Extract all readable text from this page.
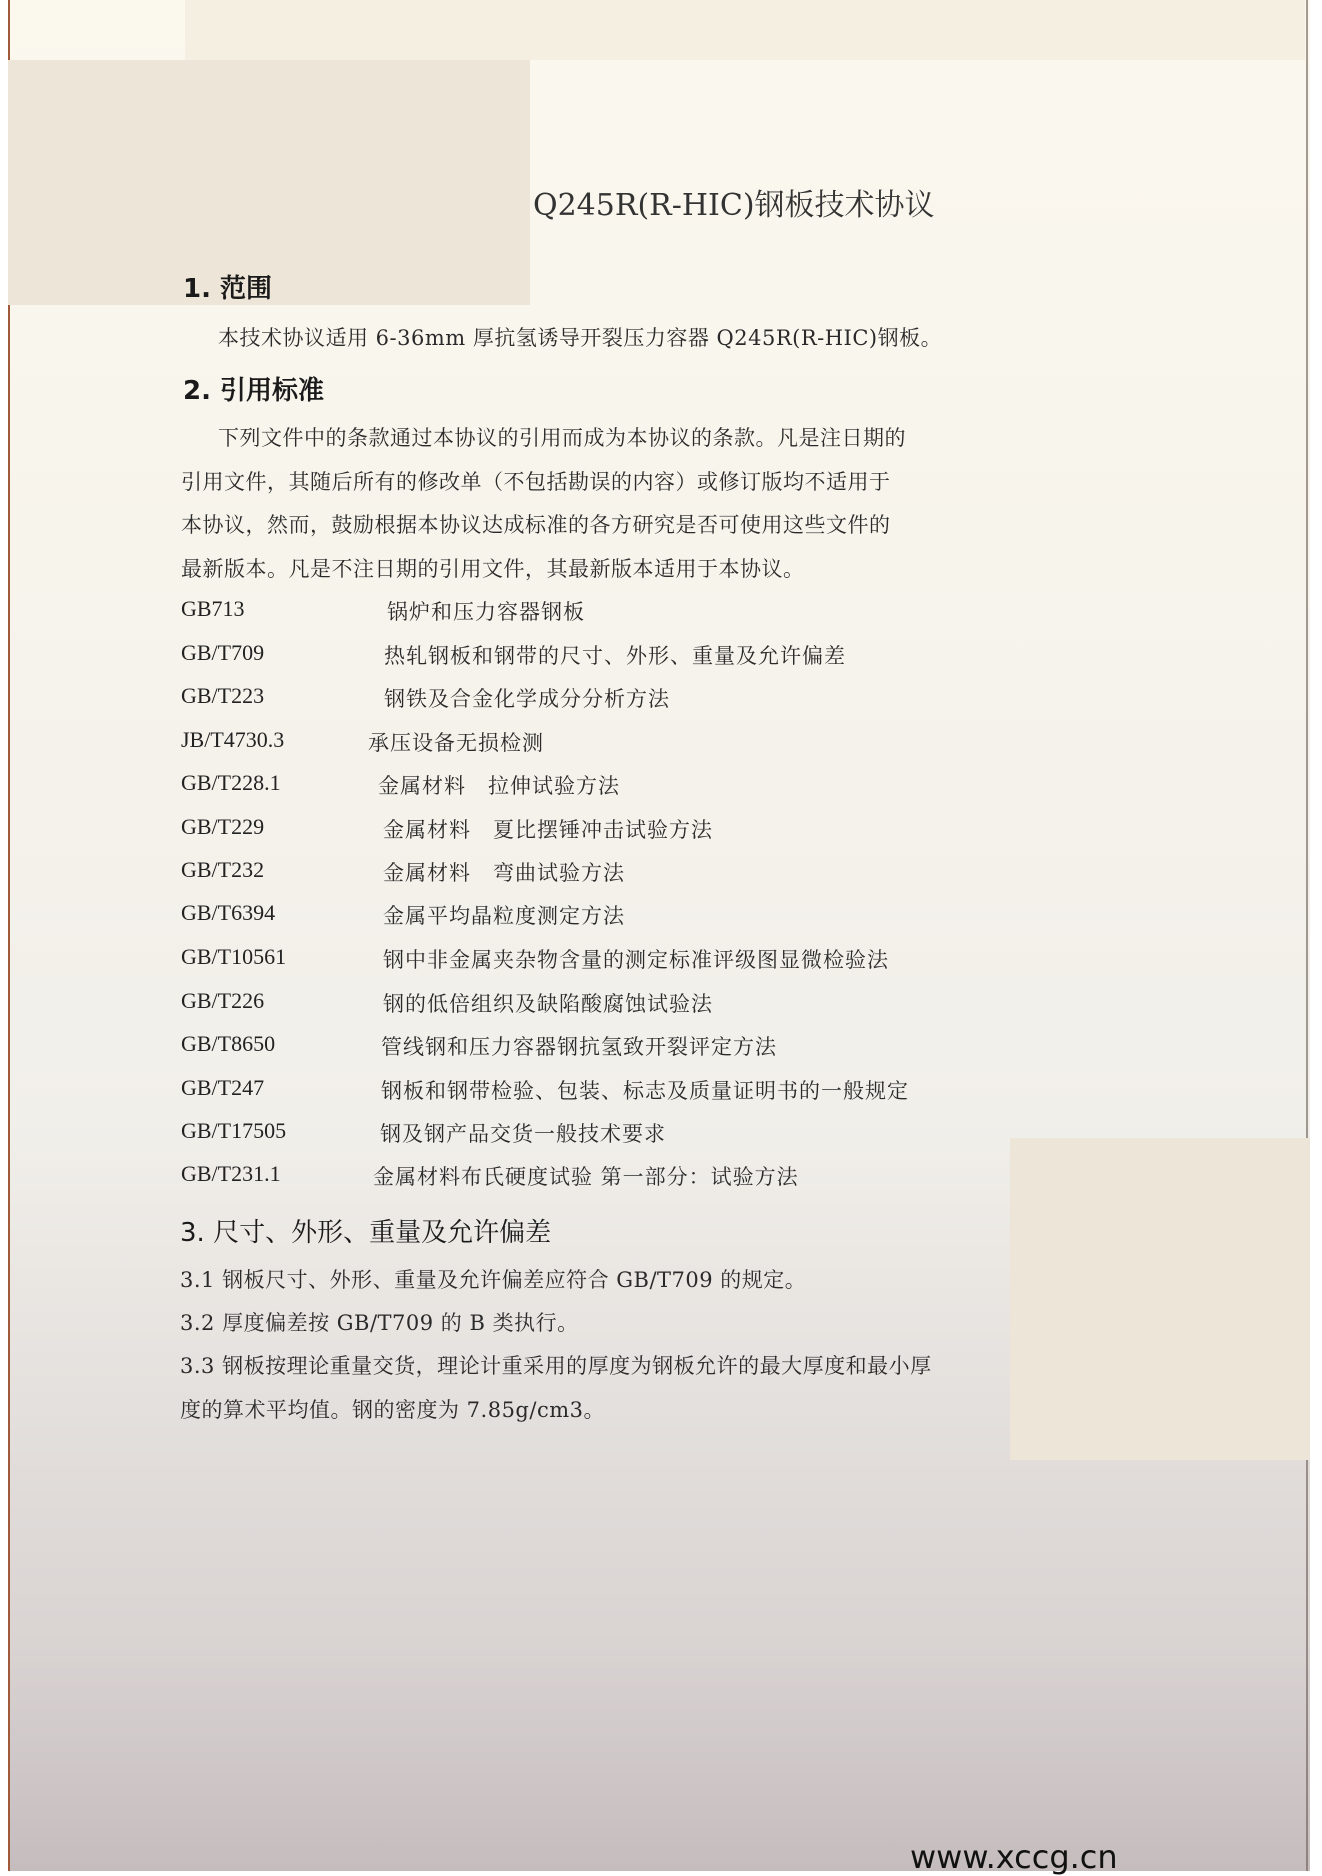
Q245R(R-HIC)钢板技术协议
1. 范围
本技术协议适用 6-36mm 厚抗氢诱导开裂压力容器 Q245R(R-HIC)钢板。
2. 引用标准
下列文件中的条款通过本协议的引用而成为本协议的条款。凡是注日期的
引用文件，其随后所有的修改单（不包括勘误的内容）或修订版均不适用于
本协议，然而，鼓励根据本协议达成标准的各方研究是否可使用这些文件的
最新版本。凡是不注日期的引用文件，其最新版本适用于本协议。
GB713	锅炉和压力容器钢板
GB/T709	热轧钢板和钢带的尺寸、外形、重量及允许偏差
GB/T223	钢铁及合金化学成分分析方法
JB/T4730.3	承压设备无损检测
GB/T228.1	金属材料　拉伸试验方法
GB/T229	金属材料　夏比摆锤冲击试验方法
GB/T232	金属材料　弯曲试验方法
GB/T6394	金属平均晶粒度测定方法
GB/T10561	钢中非金属夹杂物含量的测定标准评级图显微检验法
GB/T226	钢的低倍组织及缺陷酸腐蚀试验法
GB/T8650	管线钢和压力容器钢抗氢致开裂评定方法
GB/T247	钢板和钢带检验、包装、标志及质量证明书的一般规定
GB/T17505	钢及钢产品交货一般技术要求
GB/T231.1	金属材料布氏硬度试验 第一部分：试验方法
3. 尺寸、外形、重量及允许偏差
3.1 钢板尺寸、外形、重量及允许偏差应符合 GB/T709 的规定。
3.2 厚度偏差按 GB/T709 的 B 类执行。
3.3 钢板按理论重量交货，理论计重采用的厚度为钢板允许的最大厚度和最小厚
度的算术平均值。钢的密度为 7.85g/cm3。
www.xccg.cn
